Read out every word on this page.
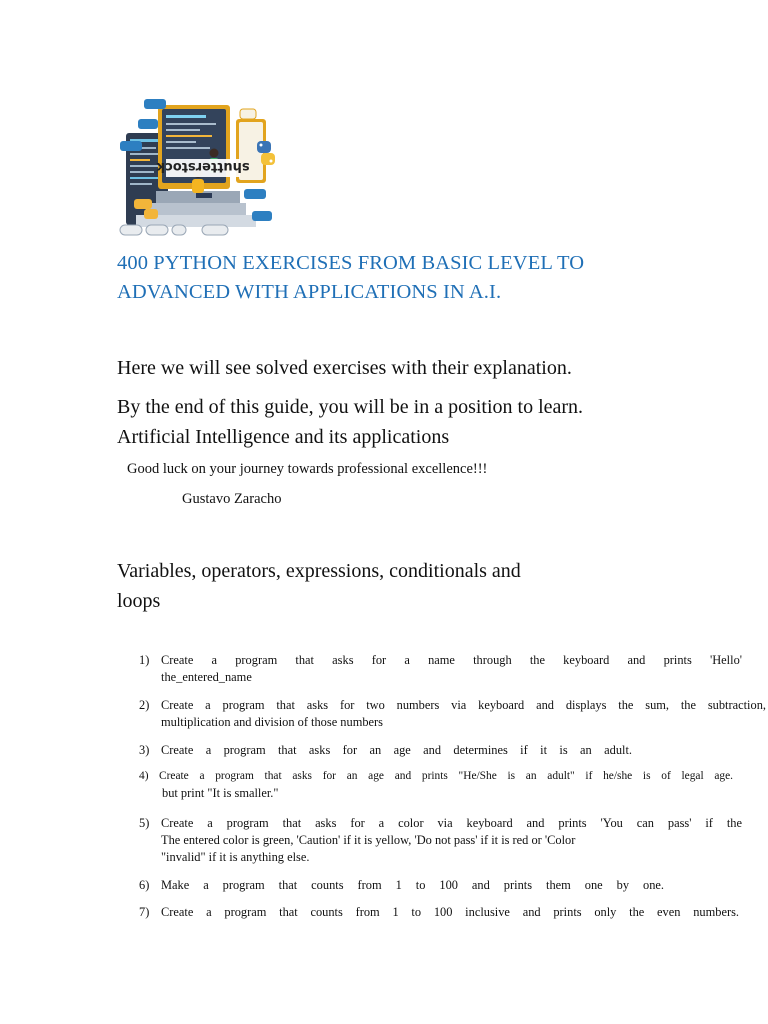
shutterstock
400 PYTHON EXERCISES FROM BASIC LEVEL TO
ADVANCED WITH APPLICATIONS IN A.I.
Here we will see solved exercises with their explanation.
By the end of this guide, you will be in a position to learn.
Artificial Intelligence and its applications
Good luck on your journey towards professional excellence!!!
Gustavo Zaracho
Variables, operators, expressions, conditionals and
loops
1) Create a program that asks for a name through the keyboard and prints 'Hello'
the_entered_name
2) Create a program that asks for two numbers via keyboard and displays the sum, the subtraction,
multiplication and division of those numbers
3) Create a program that asks for an age and determines if it is an adult.
4) Create a program that asks for an age and prints "He/She is an adult" if he/she is of legal age.
but print "It is smaller."
5) Create a program that asks for a color via keyboard and prints 'You can pass' if the
The entered color is green, 'Caution' if it is yellow, 'Do not pass' if it is red or 'Color
"invalid" if it is anything else.
6) Make a program that counts from 1 to 100 and prints them one by one.
7) Create a program that counts from 1 to 100 inclusive and prints only the even numbers.
